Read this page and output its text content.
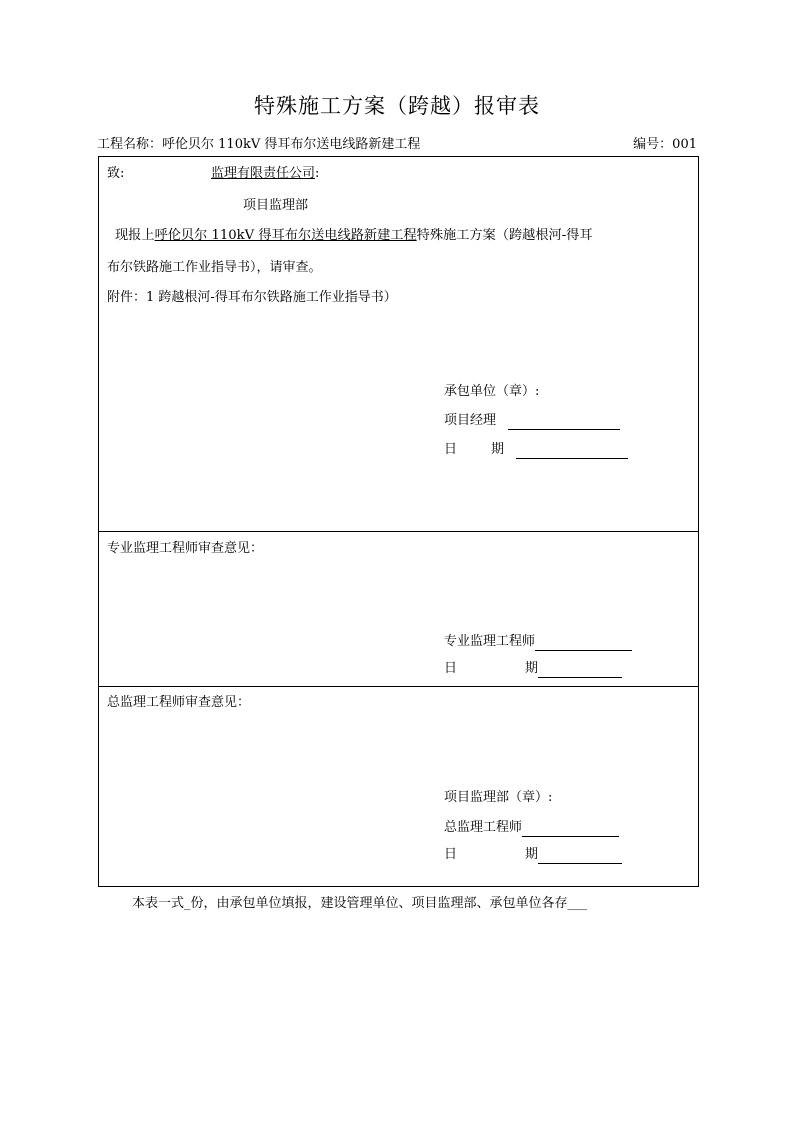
特殊施工方案（跨越）报审表
工程名称：呼伦贝尔 110kV 得耳布尔送电线路新建工程	编号：001
致:	监理有限责任公司:
项目监理部
现报上呼伦贝尔 110kV 得耳布尔送电线路新建工程特殊施工方案（跨越根河-得耳
布尔铁路施工作业指导书），请审查。
附件：1 跨越根河-得耳布尔铁路施工作业指导书）
承包单位（章）:
项目经理
日	期
专业监理工程师审查意见：
专业监理工程师
日	期
总监理工程师审查意见：
项目监理部（章）:
总监理工程师
日	期
本表一式_份，由承包单位填报，建设管理单位、项目监理部、承包单位各存___
